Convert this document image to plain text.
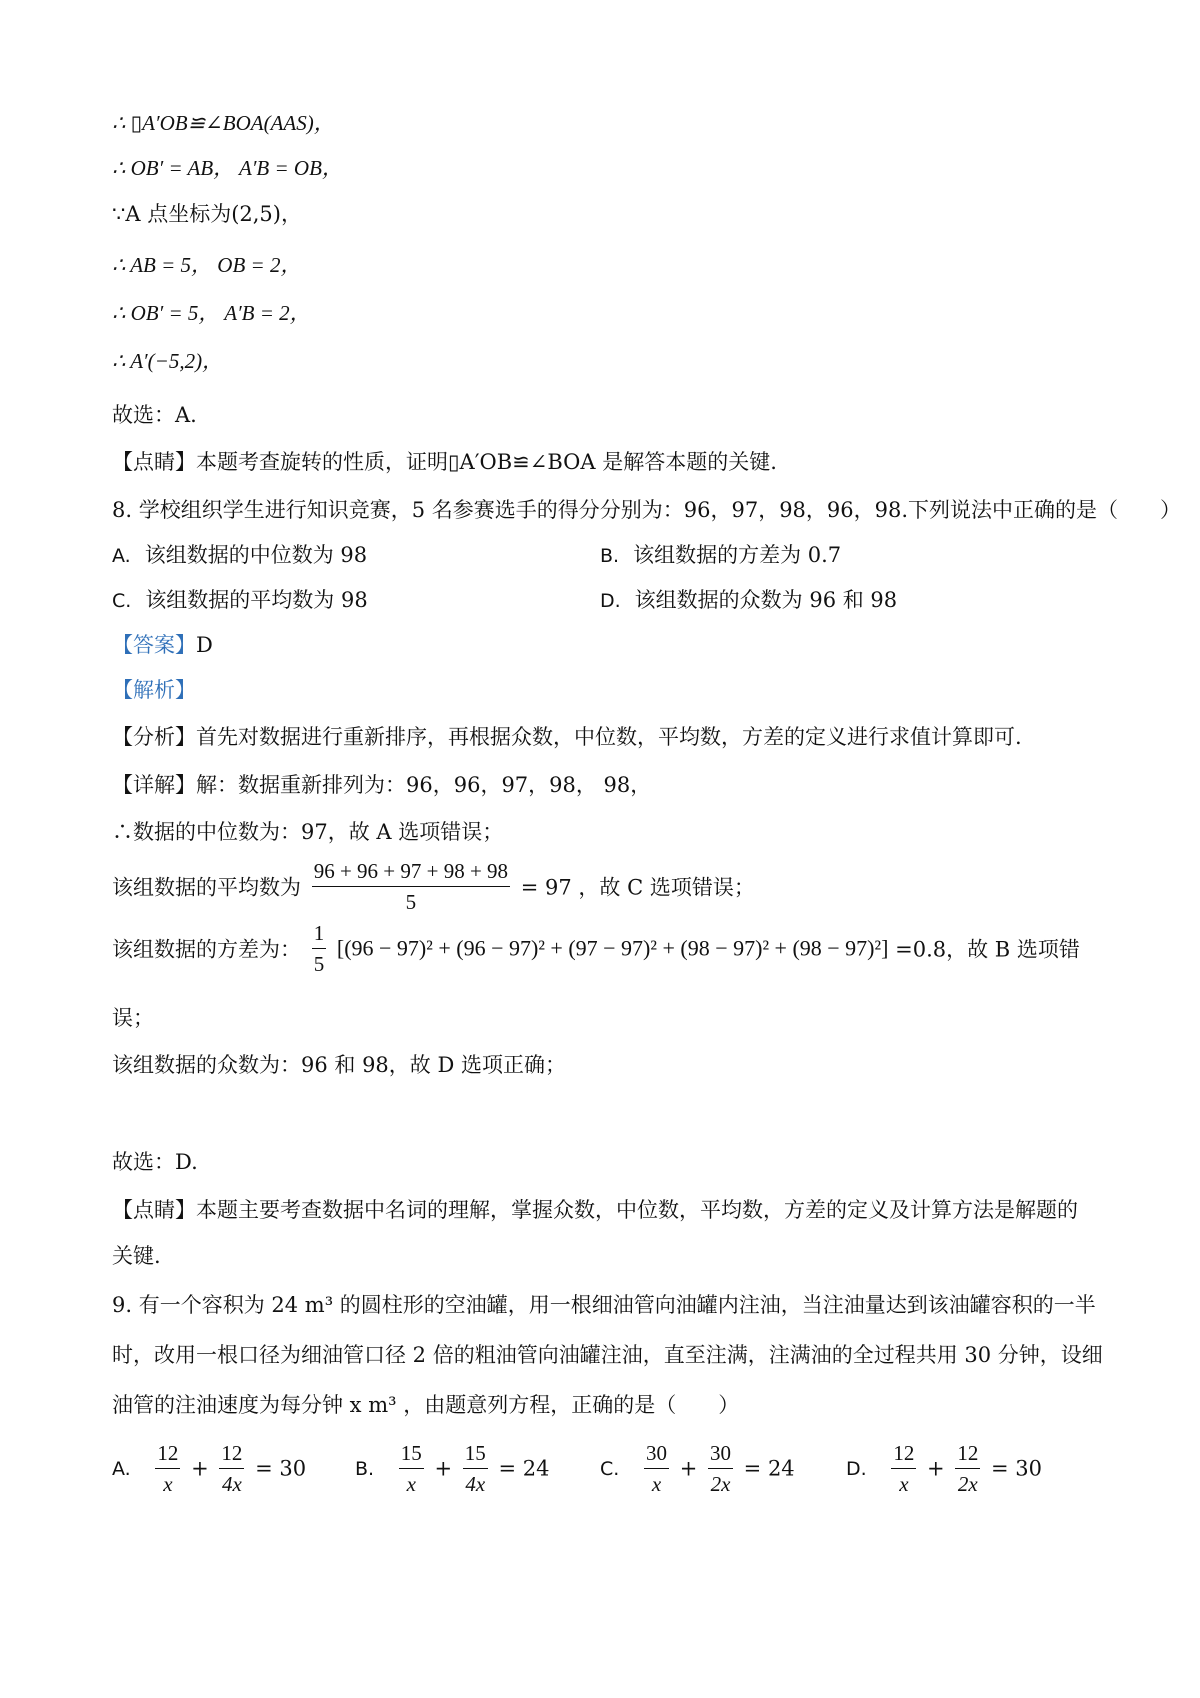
∴ ▯A′OB≌∠BOA(AAS)，
∴ OB′ = AB， A′B = OB，
∵A 点坐标为(2,5)，
∴ AB = 5， OB = 2，
∴ OB′ = 5， A′B = 2，
∴ A′(−5,2)，
故选：A.
【点睛】本题考查旋转的性质，证明▯A′OB≌∠BOA 是解答本题的关键.
8. 学校组织学生进行知识竞赛，5 名参赛选手的得分分别为：96，97，98，96，98.下列说法中正确的是（　　）
A. 该组数据的中位数为 98	B. 该组数据的方差为 0.7
C. 该组数据的平均数为 98	D. 该组数据的众数为 96 和 98
【答案】D
【解析】
【分析】首先对数据进行重新排序，再根据众数，中位数，平均数，方差的定义进行求值计算即可.
【详解】解：数据重新排列为：96，96，97，98， 98，
∴数据的中位数为：97，故 A 选项错误；
该组数据的平均数为 $\frac{96 + 96 + 97 + 98 + 98}{5} = 97$ ，故 C 选项错误；
该组数据的方差为： $\frac{1}{5} [(96 - 97)^2 + (96 - 97)^2 + (97 - 97)^2 + (98 - 97)^2 + (98 - 97)^2] =0.8$，故 B 选项错
误；
该组数据的众数为：96 和 98，故 D 选项正确；
故选：D.
【点睛】本题主要考查数据中名词的理解，掌握众数，中位数，平均数，方差的定义及计算方法是解题的
关键.
9. 有一个容积为 24 m³ 的圆柱形的空油罐，用一根细油管向油罐内注油，当注油量达到该油罐容积的一半
时，改用一根口径为细油管口径 2 倍的粗油管向油罐注油，直至注满，注满油的全过程共用 30 分钟，设细
油管的注油速度为每分钟 x m³ ，由题意列方程，正确的是（　　）
A. $\frac{12}{x} + \frac{12}{4x} = 30$	B. $\frac{15}{x} + \frac{15}{4x} = 24$	C. $\frac{30}{x} + \frac{30}{2x} = 24$	D. $\frac{12}{x} + \frac{12}{2x} = 30$
